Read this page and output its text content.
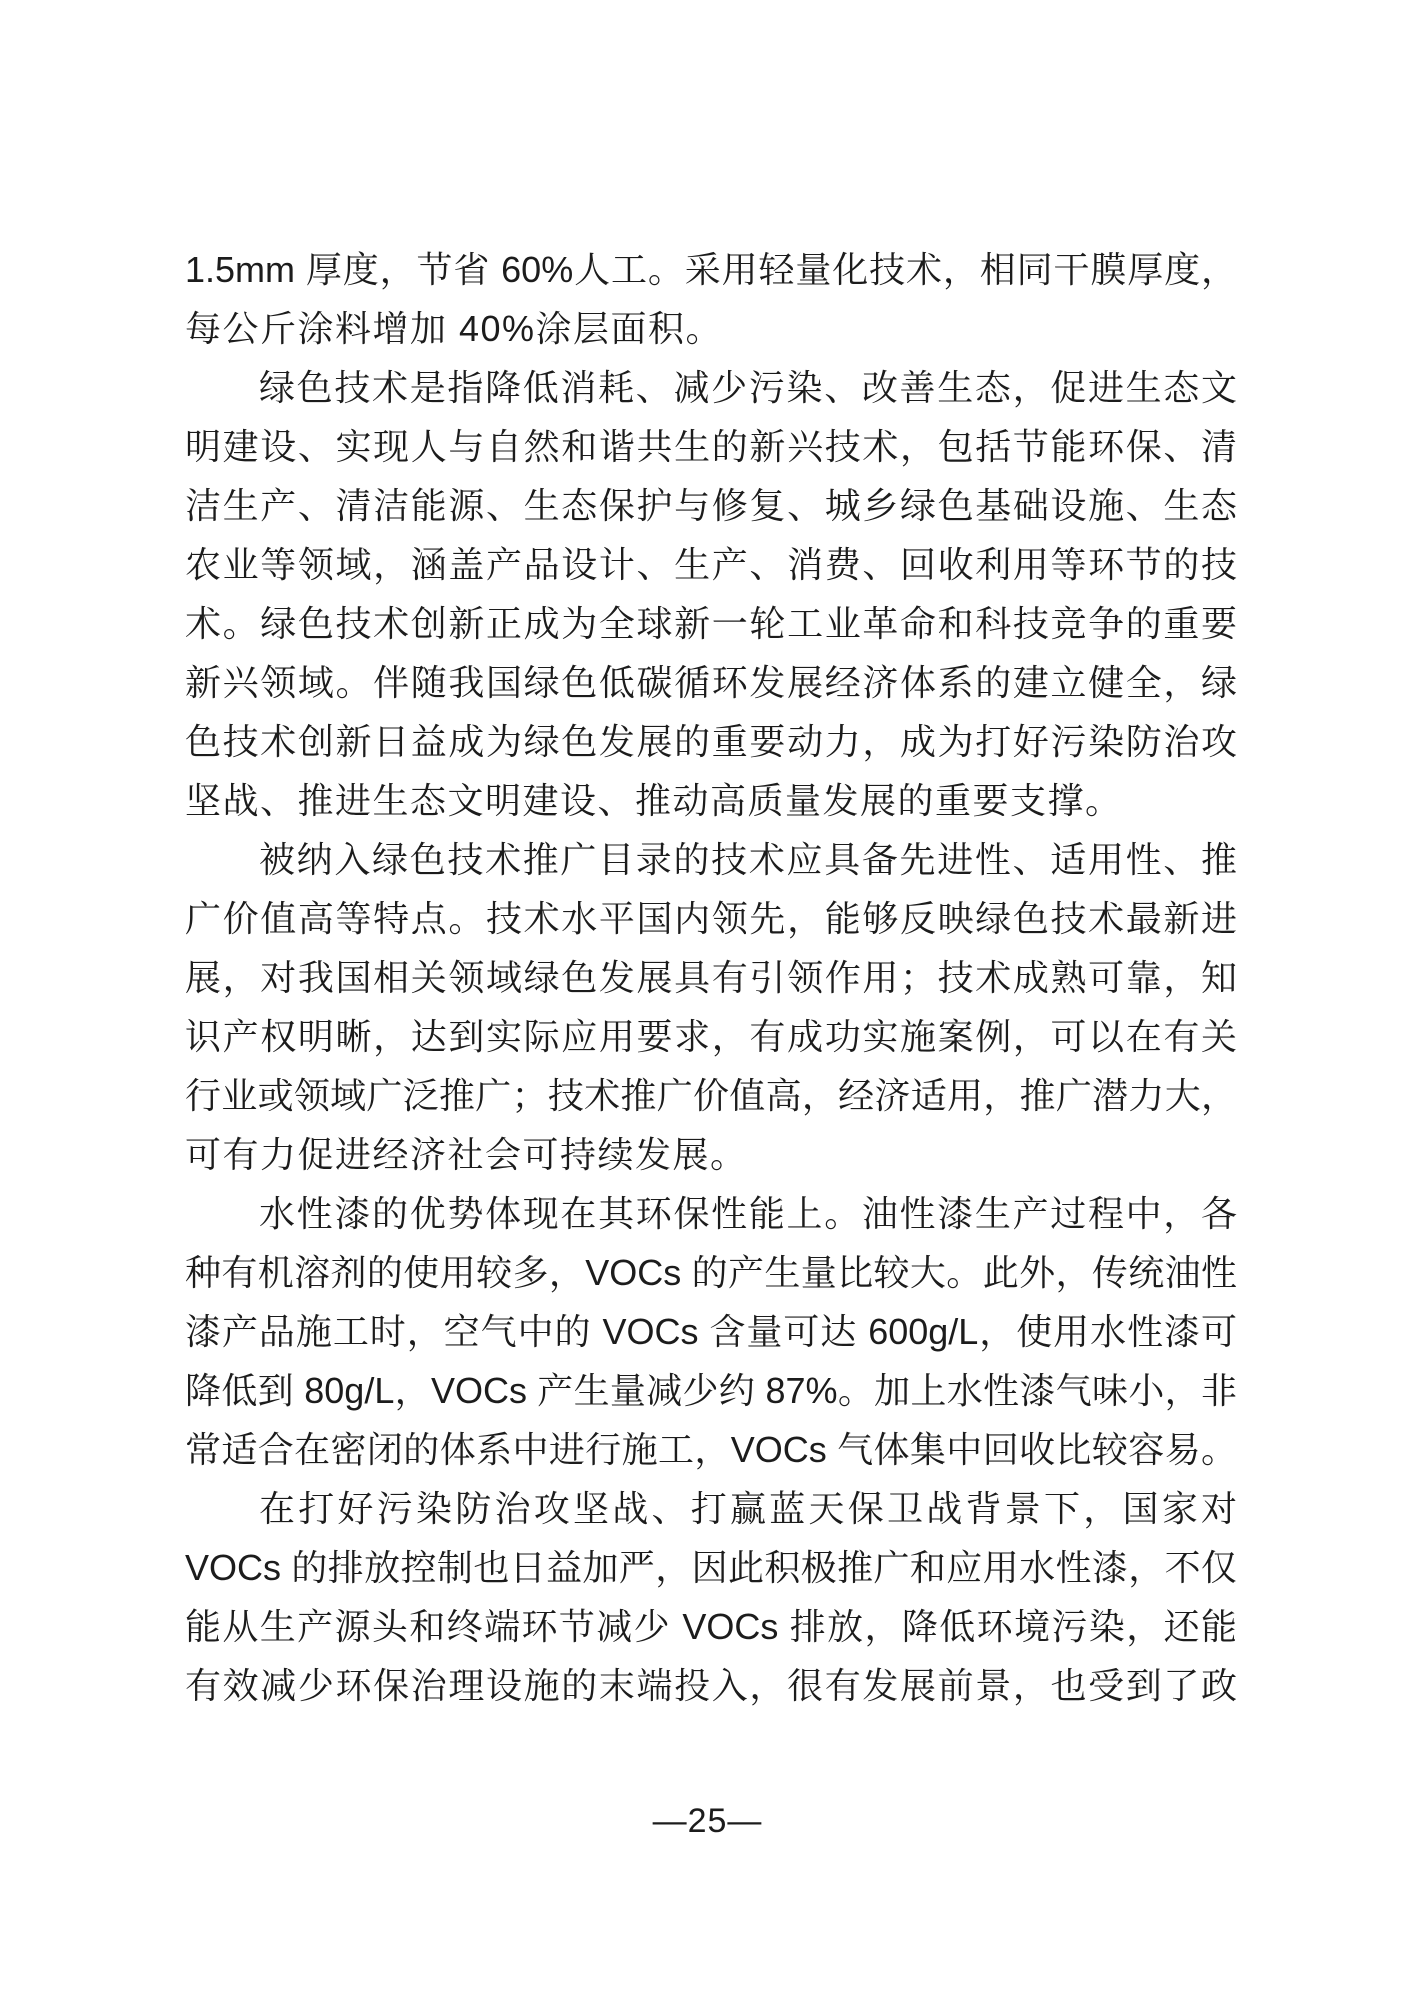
1.5mm 厚度，节省 60%人工。采用轻量化技术，相同干膜厚度，
每公斤涂料增加 40%涂层面积。
绿色技术是指降低消耗、减少污染、改善生态，促进生态文
明建设、实现人与自然和谐共生的新兴技术，包括节能环保、清
洁生产、清洁能源、生态保护与修复、城乡绿色基础设施、生态
农业等领域，涵盖产品设计、生产、消费、回收利用等环节的技
术。绿色技术创新正成为全球新一轮工业革命和科技竞争的重要
新兴领域。伴随我国绿色低碳循环发展经济体系的建立健全，绿
色技术创新日益成为绿色发展的重要动力，成为打好污染防治攻
坚战、推进生态文明建设、推动高质量发展的重要支撑。
被纳入绿色技术推广目录的技术应具备先进性、适用性、推
广价值高等特点。技术水平国内领先，能够反映绿色技术最新进
展，对我国相关领域绿色发展具有引领作用；技术成熟可靠，知
识产权明晰，达到实际应用要求，有成功实施案例，可以在有关
行业或领域广泛推广；技术推广价值高，经济适用，推广潜力大，
可有力促进经济社会可持续发展。
水性漆的优势体现在其环保性能上。油性漆生产过程中，各
种有机溶剂的使用较多，VOCs 的产生量比较大。此外，传统油性
漆产品施工时，空气中的 VOCs 含量可达 600g/L，使用水性漆可
降低到 80g/L，VOCs 产生量减少约 87%。加上水性漆气味小，非
常适合在密闭的体系中进行施工，VOCs 气体集中回收比较容易。
在打好污染防治攻坚战、打赢蓝天保卫战背景下，国家对
VOCs 的排放控制也日益加严，因此积极推广和应用水性漆，不仅
能从生产源头和终端环节减少 VOCs 排放，降低环境污染，还能
有效减少环保治理设施的末端投入，很有发展前景，也受到了政
—25—
